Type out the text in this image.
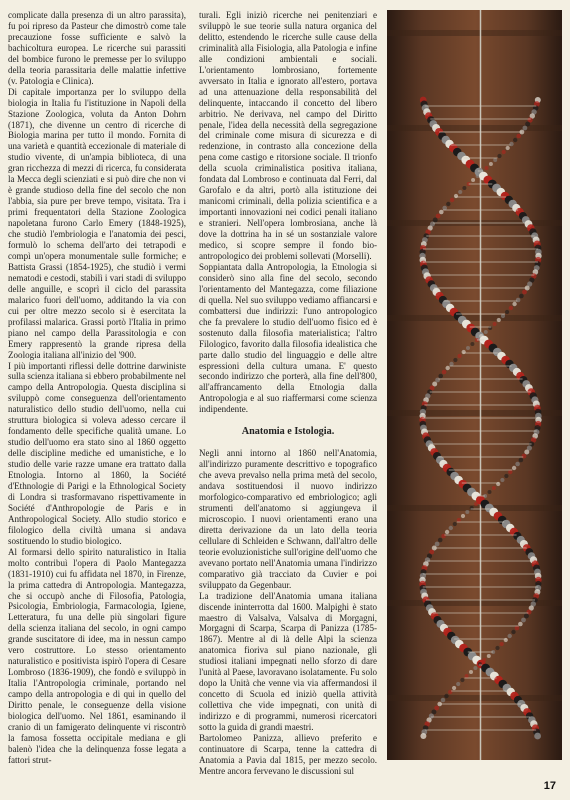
complicate dalla presenza di un altro parassita), fu poi ripreso da Pasteur che dimostrò come tale precauzione fosse sufficiente e salvò la bachicoltura europea. Le ricerche sui parassiti del bombice furono le premesse per lo sviluppo della teoria parassitaria delle malattie infettive (v. Patologia e Clinica).

Di capitale importanza per lo sviluppo della biologia in Italia fu l'istituzione in Napoli della Stazione Zoologica, voluta da Anton Dohrn (1871), che divenne un centro di ricerche di Biologia marina per tutto il mondo. Fornita di una varietà e quantità eccezionale di materiale di studio vivente, di un'ampia biblioteca, di una gran ricchezza di mezzi di ricerca, fu considerata la Mecca degli scienziati e si può dire che non vi è grande studioso della fine del secolo che non l'abbia, sia pure per breve tempo, visitata. Tra i primi frequentatori della Stazione Zoologica napoletana furono Carlo Emery (1848-1925), che studiò l'embriologia e l'anatomia dei pesci, formulò lo schema dell'arto dei tetrapodi e compì un'opera monumentale sulle formiche; e Battista Grassi (1854-1925), che studiò i vermi nematodi e cestodi, stabilì i vari stadi di sviluppo delle anguille, e scoprì il ciclo del parassita malarico fuori dell'uomo, additando la via con cui per oltre mezzo secolo si è esercitata la profilassi malarica. Grassi portò l'Italia in primo piano nel campo della Parassitologia e con Emery rappresentò la grande ripresa della Zoologia italiana all'inizio del '900.

I più importanti riflessi delle dottrine darwiniste sulla scienza italiana si ebbero probabilmente nel campo della Antropologia. Questa disciplina si sviluppò come conseguenza dell'orientamento naturalistico dello studio dell'uomo, nella cui struttura biologica si voleva adesso cercare il fondamento delle specifiche qualità umane. Lo studio dell'uomo era stato sino al 1860 oggetto delle discipline mediche ed umanistiche, e lo studio delle varie razze umane era trattato dalla Etnologia. Intorno al 1860, la Société d'Ethnologie di Parigi e la Ethnological Society di Londra si trasformavano rispettivamente in Société d'Anthropologie de Paris e in Anthropological Society. Allo studio storico e filologico della civiltà umana si andava sostituendo lo studio biologico.

Al formarsi dello spirito naturalistico in Italia molto contribuì l'opera di Paolo Mantegazza (1831-1910) cui fu affidata nel 1870, in Firenze, la prima cattedra di Antropologia. Mantegazza, che si occupò anche di Filosofia, Patologia, Psicologia, Embriologia, Farmacologia, Igiene, Letteratura, fu una delle più singolari figure della scienza italiana del secolo, in ogni campo grande suscitatore di idee, ma in nessun campo vero costruttore. Lo stesso orientamento naturalistico e positivista ispirò l'opera di Cesare Lombroso (1836-1909), che fondò e sviluppò in Italia l'Antropologia criminale, portando nel campo della antropologia e di qui in quello del Diritto penale, le conseguenze della visione biologica dell'uomo. Nel 1861, esaminando il cranio di un famigerato delinquente vi riscontrò la famosa fossetta occipitale mediana e gli balenò l'idea che la delinquenza fosse legata a fattori strut-

turali. Egli iniziò ricerche nei penitenziari e sviluppò le sue teorie sulla natura organica del delitto, estendendo le ricerche sulle cause della criminalità alla Fisiologia, alla Patologia e infine alle condizioni ambientali e sociali. L'orientamento lombrosiano, fortemente avversato in Italia e ignorato all'estero, portava ad una attenuazione della responsabilità del delinquente, intaccando il concetto del libero arbitrio. Ne derivava, nel campo del Diritto penale, l'idea della necessità della segregazione del criminale come misura di sicurezza e di redenzione, in contrasto alla concezione della pena come castigo e ritorsione sociale. Il trionfo della scuola criminalistica positiva italiana, fondata dal Lombroso e continuata dal Ferri, dal Garofalo e da altri, portò alla istituzione dei manicomi criminali, della polizia scientifica e a importanti innovazioni nei codici penali italiano e stranieri. Nell'opera lombrosiana, anche là dove la dottrina ha in sé un sostanziale valore medico, si scopre sempre il fondo bio-antropologico dei problemi sollevati (Morselli).

Soppiantata dalla Antropologia, la Etnologia si considerò sino alla fine del secolo, secondo l'orientamento del Mantegazza, come filiazione di quella. Nel suo sviluppo vediamo affiancarsi e combattersi due indirizzi: l'uno antropologico che fa prevalere lo studio dell'uomo fisico ed è sostenuto dalla filosofia materialistica; l'altro Filologico, favorito dalla filosofia idealistica che parte dallo studio del linguaggio e delle altre espressioni della cultura umana. E' questo secondo indirizzo che porterà, alla fine dell'800, all'affrancamento della Etnologia dalla Antropologia e al suo riaffermarsi come scienza indipendente.

Anatomia e Istologia.

Negli anni intorno al 1860 nell'Anatomia, all'indirizzo puramente descrittivo e topografico che aveva prevalso nella prima metà del secolo, andava sostituendosi il nuovo indirizzo morfologico-comparativo ed embriologico; agli strumenti dell'anatomo si aggiungeva il microscopio. I nuovi orientamenti erano una diretta derivazione da un lato della teoria cellulare di Schleiden e Schwann, dall'altro delle teorie evoluzionistiche sull'origine dell'uomo che avevano portato nell'Anatomia umana l'indirizzo comparativo già tracciato da Cuvier e poi sviluppato da Gegenbaur.

La tradizione dell'Anatomia umana italiana discende ininterrotta dal 1600. Malpighi è stato maestro di Valsalva, Valsalva di Morgagni, Morgagni di Scarpa, Scarpa di Panizza (1785-1867). Mentre al di là delle Alpi la scienza anatomica fioriva sul piano nazionale, gli studiosi italiani impegnati nello sforzo di dare l'unità al Paese, lavoravano isolatamente. Fu solo dopo la Unità che venne via via affermandosi il concetto di Scuola ed iniziò quella attività collettiva che vide impegnati, con unità di indirizzo e di programmi, numerosi ricercatori sotto la guida di grandi maestri.

Bartolomeo Panizza, allievo preferito e continuatore di Scarpa, tenne la cattedra di Anatomia a Pavia dal 1815, per mezzo secolo. Mentre ancora fervevano le discussioni sul

17
